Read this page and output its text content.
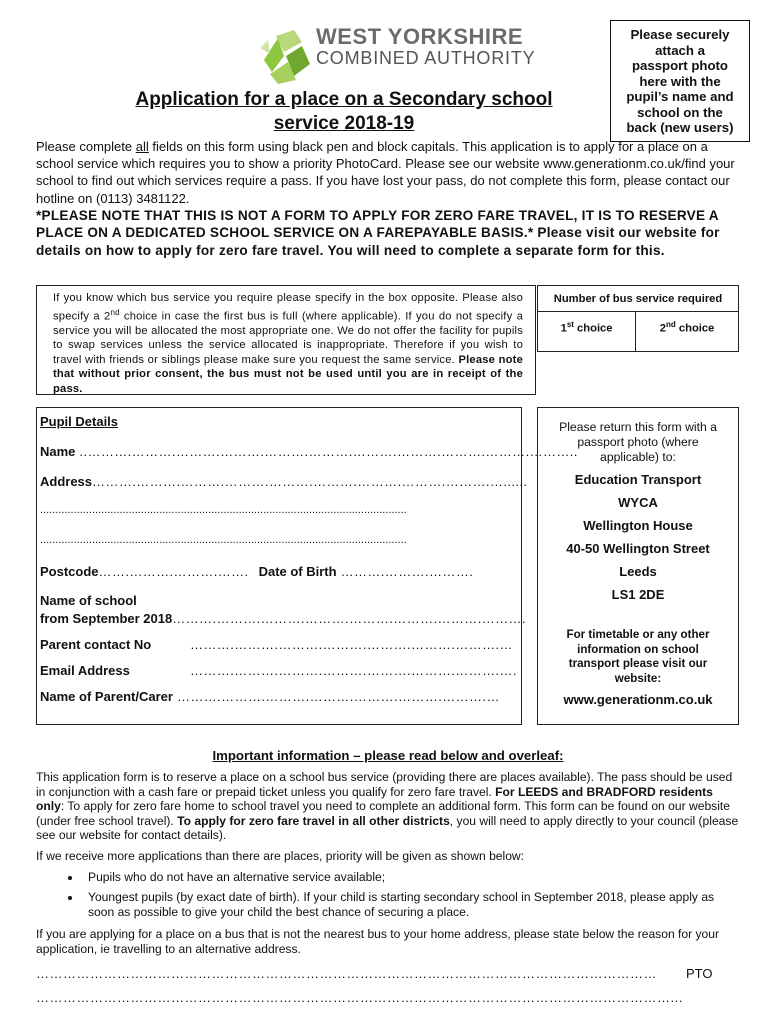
WEST YORKSHIRE
COMBINED AUTHORITY
Application for a place on a Secondary school
service 2018-19
Please securely
attach a
passport photo
here with the
pupil’s name and
school on the
back (new users)
Please complete all fields on this form using black pen and block capitals. This application is to apply for a place on a school service which requires you to show a priority PhotoCard. Please see our website www.generationm.co.uk/find your school to find out which services require a pass. If you have lost your pass, do not complete this form, please contact our hotline on (0113) 3481122.
*PLEASE NOTE THAT THIS IS NOT A FORM TO APPLY FOR ZERO FARE TRAVEL, IT IS TO RESERVE A PLACE ON A DEDICATED SCHOOL SERVICE ON A FAREPAYABLE BASIS.* Please visit our website for details on how to apply for zero fare travel. You will need to complete a separate form for this.
If you know which bus service you require please specify in the box opposite. Please also specify a 2nd choice in case the first bus is full (where applicable). If you do not specify a service you will be allocated the most appropriate one. We do not offer the facility for pupils to swap services unless the service allocated is inappropriate. Therefore if you wish to travel with friends or siblings please make sure you request the same service. Please note that without prior consent, the bus must not be used until you are in receipt of the pass.
Number of bus service required
1st choice	2nd choice
Pupil Details
Name ..……….……….……….……….……….……….……….……….……….……….………..
Address……….……….……….……….……….……….……….……….……….…......
........................................................................................................................
........................................................................................................................
Postcode…….……….……….……. Date of Birth ……….……….……….
Name of school
from September 2018……….……….……….……….……….……….……….……….
Parent contact No	……….……….……….……….……….……….……….…
Email Address	……….……….……….……….……….……….……….….
Name of Parent/Carer ……….……….……….……….……….……….……….…
Please return this form with a
passport photo (where
applicable) to:
Education Transport
WYCA
Wellington House
40-50 Wellington Street
Leeds
LS1 2DE
For timetable or any other
information on school
transport please visit our
website:
www.generationm.co.uk
Important information – please read below and overleaf:

This application form is to reserve a place on a school bus service (providing there are places available). The pass should be used in conjunction with a cash fare or prepaid ticket unless you qualify for zero fare travel. For LEEDS and BRADFORD residents only: To apply for zero fare home to school travel you need to complete an additional form. This form can be found on our website (under free school travel). To apply for zero fare travel in all other districts, you will need to apply directly to your council (please see our website for contact details).

If we receive more applications than there are places, priority will be given as shown below:

• Pupils who do not have an alternative service available;
• Youngest pupils (by exact date of birth). If your child is starting secondary school in September 2018, please apply as soon as possible to give your child the best chance of securing a place.

If you are applying for a place on a bus that is not the nearest bus to your home address, please state below the reason for your application, ie travelling to an alternative address.

…………………………………………………………………………………………………………………………	PTO
……………………………………………………………………………………………………………………………...
